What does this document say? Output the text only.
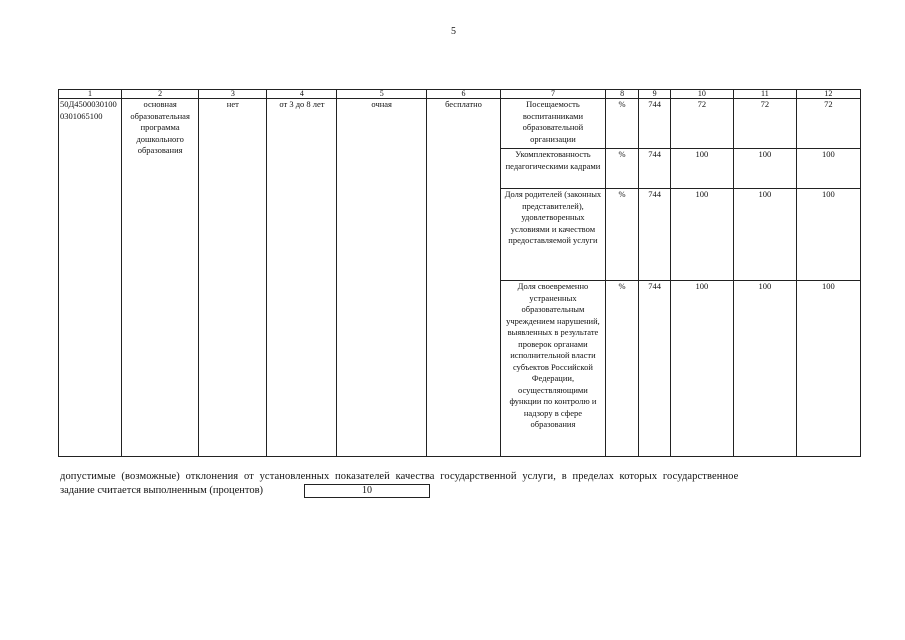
5
1	2	3	4	5	6	7	8	9	10	11	12
50Д45000301000301065100	основная образовательная программа дошкольного образования	нет	от 3 до 8 лет	очная	бесплатно	Посещаемость воспитанниками образовательной организации	%	744	72	72	72
						Укомплектованность педагогическими кадрами	%	744	100	100	100
						Доля родителей (законных представителей), удовлетворенных условиями и качеством предоставляемой услуги	%	744	100	100	100
						Доля своевременно устраненных образовательным учреждением нарушений, выявленных в результате проверок органами исполнительной власти субъектов Российской Федерации, осуществляющими функции по контролю и надзору в сфере образования	%	744	100	100	100
допустимые (возможные) отклонения от установленных показателей качества государственной услуги, в пределах которых государственное
задание считается выполненным (процентов)	10
